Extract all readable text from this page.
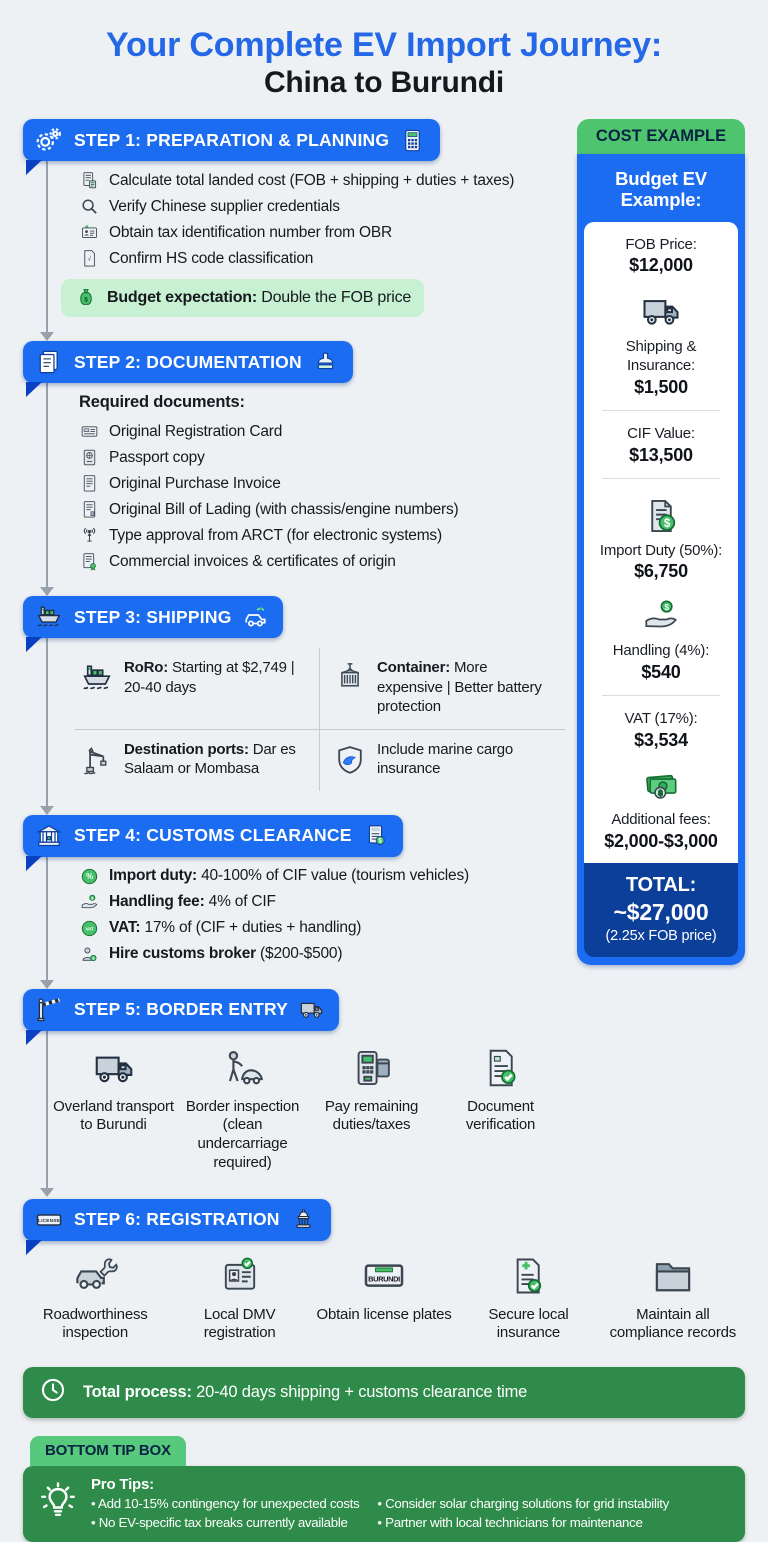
Your Complete EV Import Journey:
China to Burundi
STEP 1: PREPARATION & PLANNING
Calculate total landed cost (FOB + shipping + duties + taxes)
Verify Chinese supplier credentials
Obtain tax identification number from OBR
√ Confirm HS code classification
$ Budget expectation: Double the FOB price
STEP 2: DOCUMENTATION
Required documents:
Original Registration Card
Passport copy
Original Purchase Invoice
Original Bill of Lading (with chassis/engine numbers)
Type approval from ARCT (for electronic systems)
Commercial invoices & certificates of origin
STEP 3: SHIPPING
RoRo: Starting at $2,749 | 20-40 days
Container: More expensive | Better battery protection
Destination ports: Dar es Salaam or Mombasa
Include marine cargo insurance
STEP 4: CUSTOMS CLEARANCE	$
% Import duty: 40-100% of CIF value (tourism vehicles)
$ Handling fee: 4% of CIF
VAT VAT: 17% of (CIF + duties + handling)
$ Hire customs broker ($200-$500)
STEP 5: BORDER ENTRY
Overland transport to Burundi
Border inspection (clean undercarriage required)
Pay remaining duties/taxes
Document verification
COST EXAMPLE
Budget EV Example:
FOB Price:
$12,000
Shipping & Insurance:
$1,500
CIF Value:
$13,500
$
Import Duty (50%):
$6,750
$
Handling (4%):
$540
VAT (17%):
$3,534
$
Additional fees:
$2,000-$3,000
TOTAL:
~$27,000
(2.25x FOB price)
LICENSE STEP 6: REGISTRATION
Roadworthiness inspection
Local DMV registration
BURUNDI
Obtain license plates	Secure local insurance
Maintain all compliance records
Total process: 20-40 days shipping + customs clearance time
BOTTOM TIP BOX
Pro Tips:
• Add 10-15% contingency for unexpected costs
• No EV-specific tax breaks currently available
• Consider solar charging solutions for grid instability
• Partner with local technicians for maintenance
